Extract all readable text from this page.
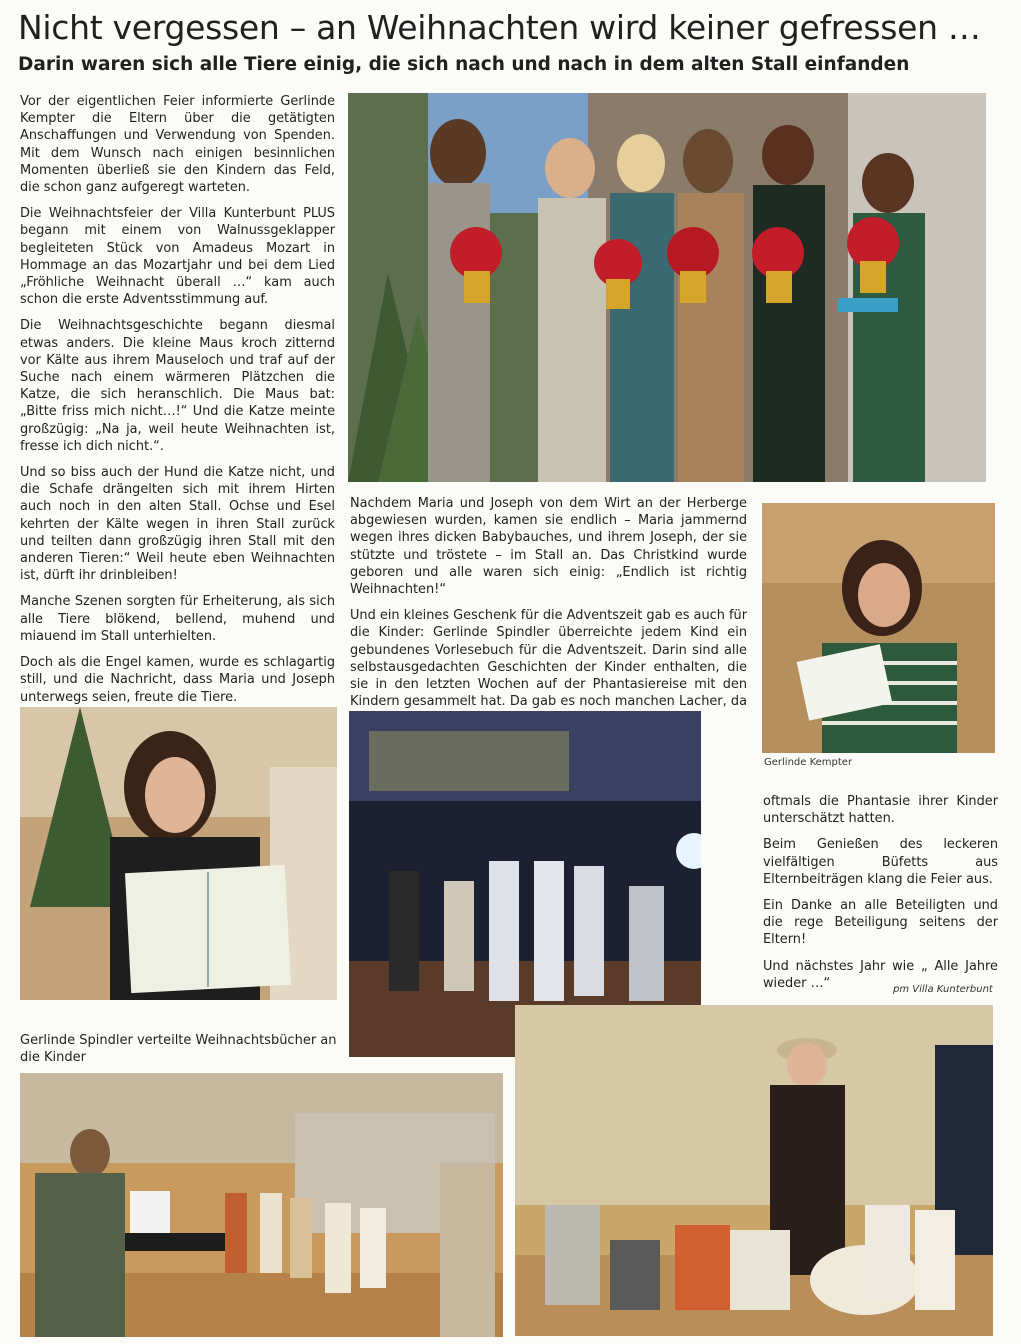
Nicht vergessen – an Weihnachten wird keiner gefressen …
Darin waren sich alle Tiere einig, die sich nach und nach in dem alten Stall einfanden

Vor der eigentlichen Feier informierte Gerlinde Kempter die Eltern über die getätigten Anschaffungen und Verwendung von Spenden. Mit dem Wunsch nach einigen besinnlichen Momenten überließ sie den Kindern das Feld, die schon ganz aufgeregt warteten.

Die Weihnachtsfeier der Villa Kunterbunt PLUS begann mit einem von Walnussgeklapper begleiteten Stück von Amadeus Mozart in Hommage an das Mozartjahr und bei dem Lied „Fröhliche Weihnacht überall …“ kam auch schon die erste Adventsstimmung auf.

Die Weihnachtsgeschichte begann diesmal etwas anders. Die kleine Maus kroch zitternd vor Kälte aus ihrem Mauseloch und traf auf der Suche nach einem wärmeren Plätzchen die Katze, die sich heranschlich. Die Maus bat: „Bitte friss mich nicht…!“ Und die Katze meinte großzügig: „Na ja, weil heute Weihnachten ist, fresse ich dich nicht.“.

Und so biss auch der Hund die Katze nicht, und die Schafe drängelten sich mit ihrem Hirten auch noch in den alten Stall. Ochse und Esel kehrten der Kälte wegen in ihren Stall zurück und teilten dann großzügig ihren Stall mit den anderen Tieren:“ Weil heute eben Weihnachten ist, dürft ihr drinbleiben!

Manche Szenen sorgten für Erheiterung, als sich alle Tiere blökend, bellend, muhend und miauend im Stall unterhielten.

Doch als die Engel kamen, wurde es schlagartig still, und die Nachricht, dass Maria und Joseph unterwegs seien, freute die Tiere.

Nachdem Maria und Joseph von dem Wirt an der Herberge abgewiesen wurden, kamen sie endlich – Maria jammernd wegen ihres dicken Babybauches, und ihrem Joseph, der sie stützte und tröstete – im Stall an. Das Christkind wurde geboren und alle waren sich einig: „Endlich ist richtig Weihnachten!“

Und ein kleines Geschenk für die Adventszeit gab es auch für die Kinder: Gerlinde Spindler überreichte jedem Kind ein gebundenes Vorlesebuch für die Adventszeit. Darin sind alle selbstausgedachten Geschichten der Kinder enthalten, die sie in den letzten Wochen auf der Phantasiereise mit den Kindern gesammelt hat. Da gab es noch manchen Lacher, da

Gerlinde Kempter

oftmals die Phantasie ihrer Kinder unterschätzt hatten.

Beim Genießen des leckeren vielfältigen Büfetts aus Elternbeiträgen klang die Feier aus.

Ein Danke an alle Beteiligten und die rege Beteiligung seitens der Eltern!

Und nächstes Jahr wie „ Alle Jahre wieder …“	pm Villa Kunterbunt
Gerlinde Spindler verteilte Weihnachtsbücher an die Kinder
